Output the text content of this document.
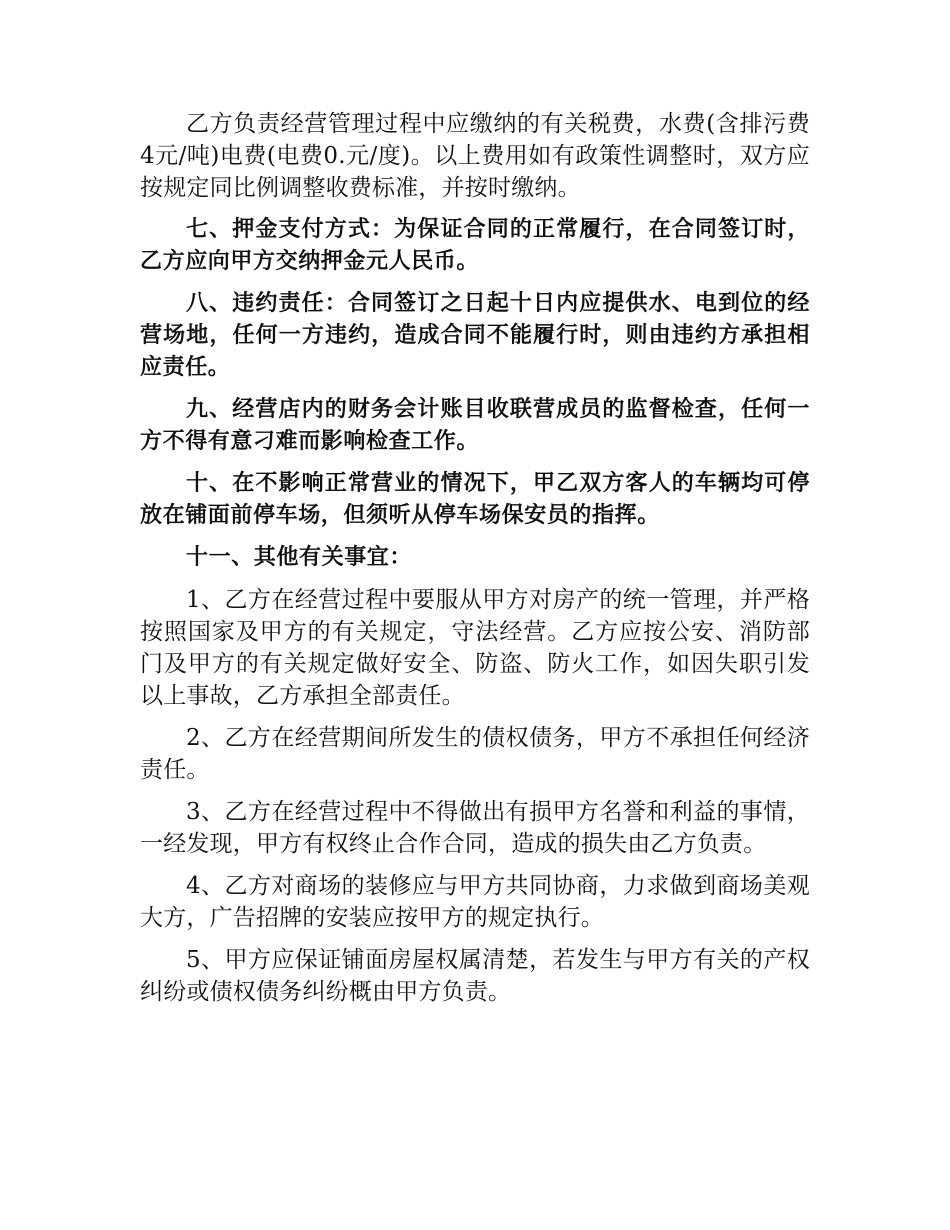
乙方负责经营管理过程中应缴纳的有关税费，水费(含排污费4元/吨)电费(电费0.元/度)。以上费用如有政策性调整时，双方应按规定同比例调整收费标准，并按时缴纳。

七、押金支付方式：为保证合同的正常履行，在合同签订时，乙方应向甲方交纳押金元人民币。

八、违约责任：合同签订之日起十日内应提供水、电到位的经营场地，任何一方违约，造成合同不能履行时，则由违约方承担相应责任。

九、经营店内的财务会计账目收联营成员的监督检查，任何一方不得有意刁难而影响检查工作。

十、在不影响正常营业的情况下，甲乙双方客人的车辆均可停放在铺面前停车场，但须听从停车场保安员的指挥。

十一、其他有关事宜：

1、乙方在经营过程中要服从甲方对房产的统一管理，并严格按照国家及甲方的有关规定，守法经营。乙方应按公安、消防部门及甲方的有关规定做好安全、防盗、防火工作，如因失职引发以上事故，乙方承担全部责任。

2、乙方在经营期间所发生的债权债务，甲方不承担任何经济责任。

3、乙方在经营过程中不得做出有损甲方名誉和利益的事情，一经发现，甲方有权终止合作合同，造成的损失由乙方负责。

4、乙方对商场的装修应与甲方共同协商，力求做到商场美观大方，广告招牌的安装应按甲方的规定执行。

5、甲方应保证铺面房屋权属清楚，若发生与甲方有关的产权纠纷或债权债务纠纷概由甲方负责。
